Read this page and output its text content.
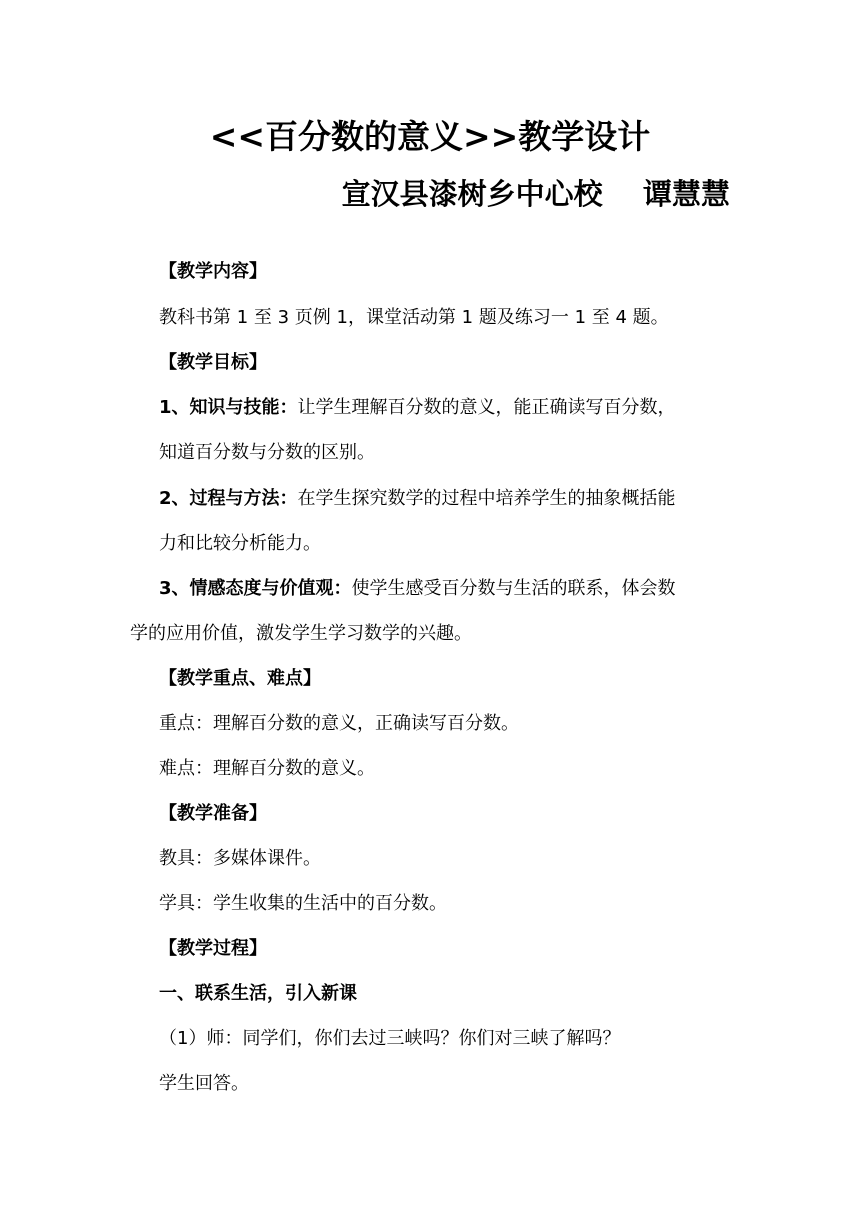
<<百分数的意义>>教学设计
宣汉县漆树乡中心校    谭慧慧
【教学内容】
教科书第 1 至 3 页例 1，课堂活动第 1 题及练习一 1 至 4 题。
【教学目标】
1、知识与技能：让学生理解百分数的意义，能正确读写百分数，
知道百分数与分数的区别。
2、过程与方法：在学生探究数学的过程中培养学生的抽象概括能
力和比较分析能力。
3、情感态度与价值观：使学生感受百分数与生活的联系，体会数
学的应用价值，激发学生学习数学的兴趣。
【教学重点、难点】
重点：理解百分数的意义，正确读写百分数。
难点：理解百分数的意义。
【教学准备】
教具：多媒体课件。
学具：学生收集的生活中的百分数。
【教学过程】
一、联系生活，引入新课
（1）师：同学们，你们去过三峡吗？你们对三峡了解吗？
学生回答。
